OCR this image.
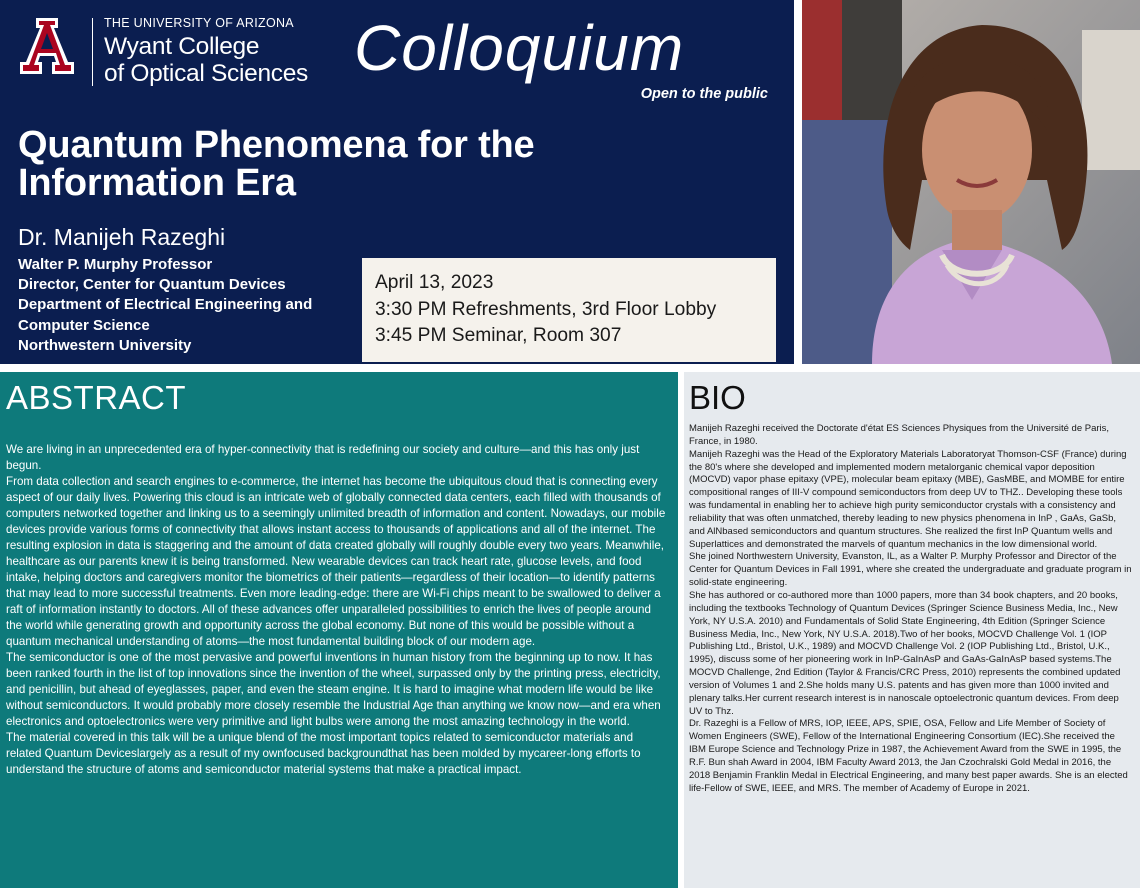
THE UNIVERSITY OF ARIZONA
Wyant College
of Optical Sciences Colloquium
Open to the public
Quantum Phenomena for the Information Era
Dr. Manijeh Razeghi
Walter P. Murphy Professor
Director, Center for Quantum Devices
Department of Electrical Engineering and Computer Science
Northwestern University
April 13, 2023
3:30 PM Refreshments, 3rd Floor Lobby
3:45 PM Seminar, Room 307
ABSTRACT

We are living in an unprecedented era of hyper-connectivity that is redefining our society and culture—and this has only just begun.

From data collection and search engines to e-commerce, the internet has become the ubiquitous cloud that is connecting every aspect of our daily lives. Powering this cloud is an intricate web of globally connected data centers, each filled with thousands of computers networked together and linking us to a seemingly unlimited breadth of information and content. Nowadays, our mobile devices provide various forms of connectivity that allows instant access to thousands of applications and all of the internet. The resulting explosion in data is staggering and the amount of data created globally will roughly double every two years. Meanwhile, healthcare as our parents knew it is being transformed. New wearable devices can track heart rate, glucose levels, and food intake, helping doctors and caregivers monitor the biometrics of their patients—regardless of their location—to identify patterns that may lead to more successful treatments. Even more leading-edge: there are Wi-Fi chips meant to be swallowed to deliver a raft of information instantly to doctors. All of these advances offer unparalleled possibilities to enrich the lives of people around the world while generating growth and opportunity across the global economy. But none of this would be possible without a quantum mechanical understanding of atoms—the most fundamental building block of our modern age.

The semiconductor is one of the most pervasive and powerful inventions in human history from the beginning up to now. It has been ranked fourth in the list of top innovations since the invention of the wheel, surpassed only by the printing press, electricity, and penicillin, but ahead of eyeglasses, paper, and even the steam engine. It is hard to imagine what modern life would be like without semiconductors. It would probably more closely resemble the Industrial Age than anything we know now—and era when electronics and optoelectronics were very primitive and light bulbs were among the most amazing technology in the world.

The material covered in this talk will be a unique blend of the most important topics related to semiconductor materials and related Quantum Deviceslargely as a result of my ownfocused backgroundthat has been molded by mycareer-long efforts to understand the structure of atoms and semiconductor material systems that make a practical impact.

BIO

Manijeh Razeghi received the Doctorate d'état ES Sciences Physiques from the Université de Paris, France, in 1980.

Manijeh Razeghi was the Head of the Exploratory Materials Laboratoryat Thomson-CSF (France) during the 80's where she developed and implemented modern metalorganic chemical vapor deposition (MOCVD) vapor phase epitaxy (VPE), molecular beam epitaxy (MBE), GasMBE, and MOMBE for entire compositional ranges of III-V compound semiconductors from deep UV to THZ.. Developing these tools was fundamental in enabling her to achieve high purity semiconductor crystals with a consistency and reliability that was often unmatched, thereby leading to new physics phenomena in InP , GaAs, GaSb, and AlNbased semiconductors and quantum structures. She realized the first InP Quantum wells and Superlattices and demonstrated the marvels of quantum mechanics in the low dimensional world.

She joined Northwestern University, Evanston, IL, as a Walter P. Murphy Professor and Director of the Center for Quantum Devices in Fall 1991, where she created the undergraduate and graduate program in solid-state engineering.

She has authored or co-authored more than 1000 papers, more than 34 book chapters, and 20 books, including the textbooks Technology of Quantum Devices (Springer Science Business Media, Inc., New York, NY U.S.A. 2010) and Fundamentals of Solid State Engineering, 4th Edition (Springer Science Business Media, Inc., New York, NY U.S.A. 2018).Two of her books, MOCVD Challenge Vol. 1 (IOP Publishing Ltd., Bristol, U.K., 1989) and MOCVD Challenge Vol. 2 (IOP Publishing Ltd., Bristol, U.K., 1995), discuss some of her pioneering work in InP-GaInAsP and GaAs-GaInAsP based systems.The MOCVD Challenge, 2nd Edition (Taylor & Francis/CRC Press, 2010) represents the combined updated version of Volumes 1 and 2.She holds many U.S. patents and has given more than 1000 invited and plenary talks.Her current research interest is in nanoscale optoelectronic quantum devices. From deep UV to Thz.

Dr. Razeghi is a Fellow of MRS, IOP, IEEE, APS, SPIE, OSA, Fellow and Life Member of Society of Women Engineers (SWE), Fellow of the International Engineering Consortium (IEC).She received the IBM Europe Science and Technology Prize in 1987, the Achievement Award from the SWE in 1995, the R.F. Bun shah Award in 2004, IBM Faculty Award 2013, the Jan Czochralski Gold Medal in 2016, the 2018 Benjamin Franklin Medal in Electrical Engineering, and many best paper awards. She is an elected life-Fellow of SWE, IEEE, and MRS. The member of Academy of Europe in 2021.
